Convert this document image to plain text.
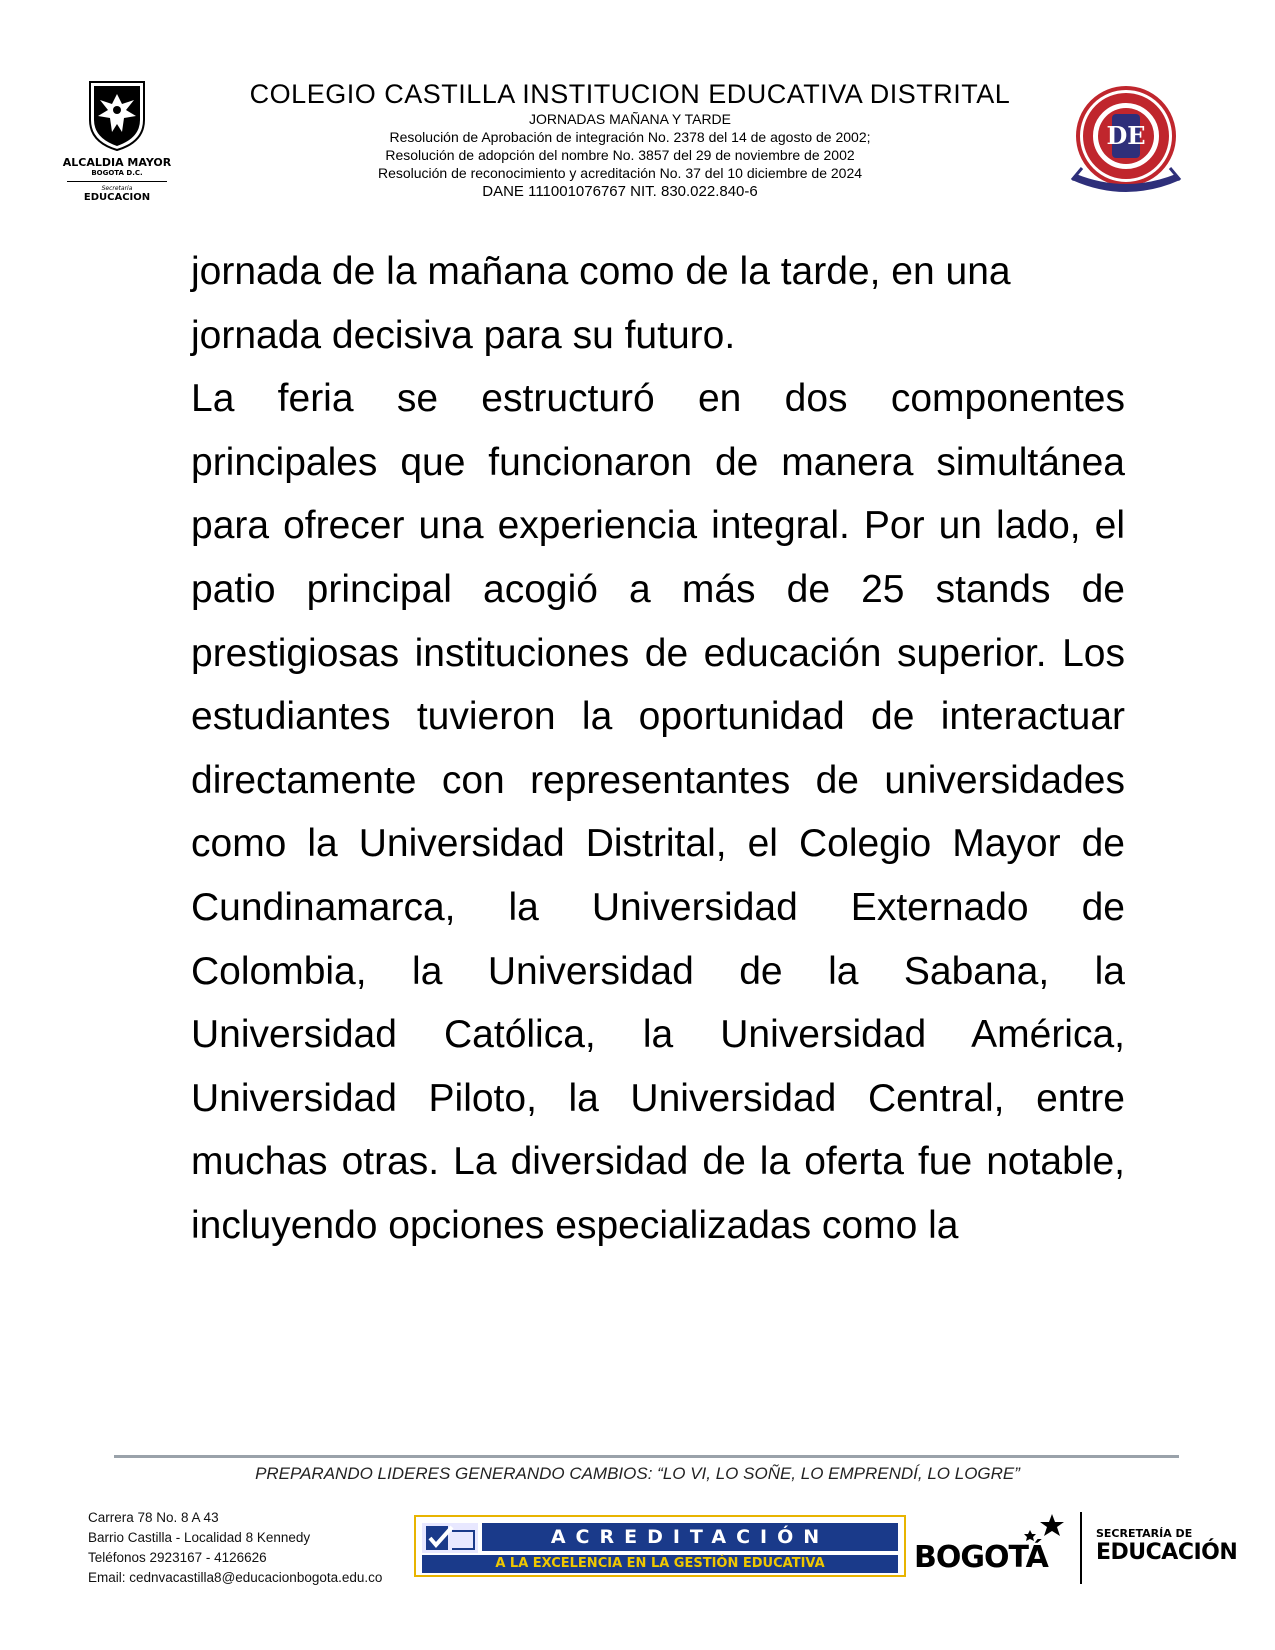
ALCALDIA MAYOR
BOGOTA D.C.
Secretaria
EDUCACION
COLEGIO CASTILLA INSTITUCION EDUCATIVA DISTRITAL
JORNADAS MAÑANA Y TARDE
Resolución de Aprobación de integración No. 2378 del 14 de agosto de 2002;
Resolución de adopción del nombre No. 3857 del 29 de noviembre de 2002
Resolución de reconocimiento y acreditación No. 37 del 10 diciembre de 2024
DANE 111001076767 NIT. 830.022.840-6
DE

jornada de la mañana como de la tarde, en una jornada decisiva para su futuro.

La feria se estructuró en dos componentes principales que funcionaron de manera simultánea para ofrecer una experiencia integral. Por un lado, el patio principal acogió a más de 25 stands de prestigiosas instituciones de educación superior. Los estudiantes tuvieron la oportunidad de interactuar directamente con representantes de universidades como la Universidad Distrital, el Colegio Mayor de Cundinamarca, la Universidad Externado de Colombia, la Universidad de la Sabana, la Universidad Católica, la Universidad América, Universidad Piloto, la Universidad Central, entre muchas otras. La diversidad de la oferta fue notable, incluyendo opciones especializadas como la

PREPARANDO LIDERES GENERANDO CAMBIOS: “LO VI, LO SOÑE, LO EMPRENDÍ, LO LOGRE”
Carrera 78 No. 8 A 43
Barrio Castilla - Localidad 8 Kennedy
Teléfonos 2923167 - 4126626
Email: cednvacastilla8@educacionbogota.edu.co
ACREDITACIÓN
A LA EXCELENCIA EN LA GESTIÓN EDUCATIVA	BOGOTÁ
SECRETARÍA DE
EDUCACIÓN
